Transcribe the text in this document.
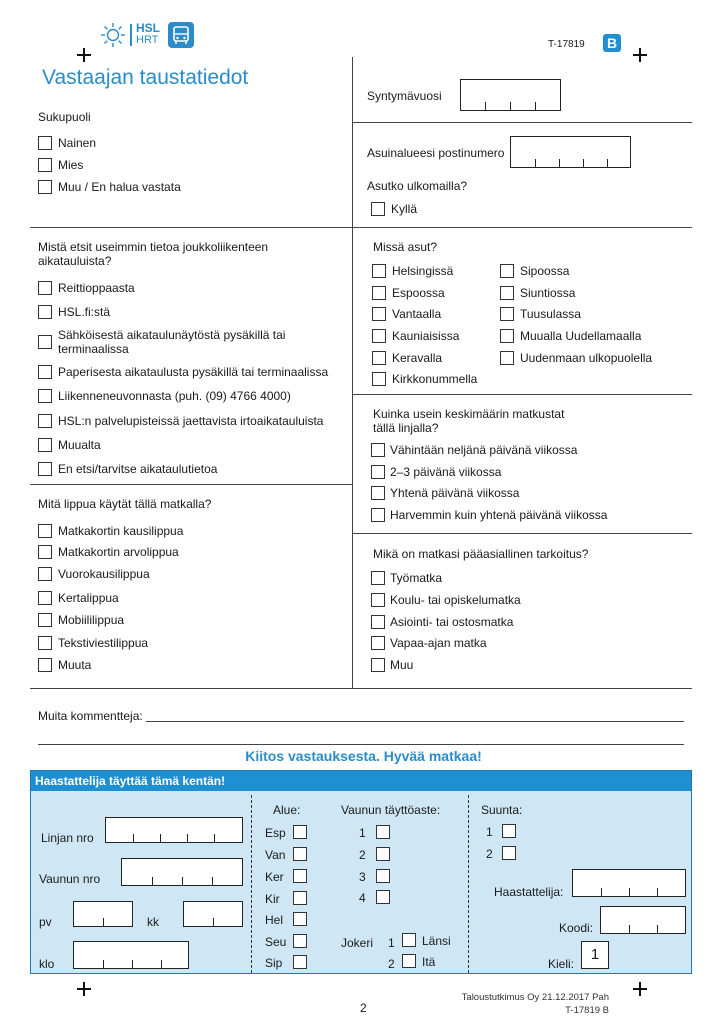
HSL
HRT	T-17819 B
Vastaajan taustatiedot
Sukupuoli
Nainen
Mies
Muu / En halua vastata
Mistä etsit useimmin tietoa joukkoliikenteen
aikatauluista?
Reittioppaasta
HSL.fi:stä
Sähköisestä aikataulunäytöstä pysäkillä tai
terminaalissa
Paperisesta aikataulusta pysäkillä tai terminaalissa
Liikenneneuvonnasta (puh. (09) 4766 4000)
HSL:n palvelupisteissä jaettavista irtoaikatauluista
Muualta
En etsi/tarvitse aikataulutietoa
Mitä lippua käytät tällä matkalla?
Matkakortin kausilippua
Matkakortin arvolippua
Vuorokausilippua
Kertalippua
Mobiililippua
Tekstiviestilippua
Muuta
Syntymävuosi
Asuinalueesi postinumero
Asutko ulkomailla?
Kyllä
Missä asut?
Helsingissä
Espoossa
Vantaalla
Kauniaisissa
Keravalla
Kirkkonummella
Sipoossa
Siuntiossa
Tuusulassa
Muualla Uudellamaalla
Uudenmaan ulkopuolella
Kuinka usein keskimäärin matkustat
tällä linjalla?
Vähintään neljänä päivänä viikossa
2–3 päivänä viikossa
Yhtenä päivänä viikossa
Harvemmin kuin yhtenä päivänä viikossa
Mikä on matkasi pääasiallinen tarkoitus?
Työmatka
Koulu- tai opiskelumatka
Asiointi- tai ostosmatka
Vapaa-ajan matka
Muu
Muita kommentteja:
Kiitos vastauksesta. Hyvää matkaa!
Haastattelija täyttää tämä kentän!
Linjan nro
Vaunun nro
pv	kk
klo
Alue:
Esp
Van
Ker
Kir
Hel
Seu
Sip
Vaunun täyttöaste:
1
2
3
4
Jokeri 1 Länsi
2 Itä
Suunta:
1
2
Haastattelija:
Koodi:
Kieli:
1
2
Taloustutkimus Oy 21.12.2017 Pah
T-17819 B
